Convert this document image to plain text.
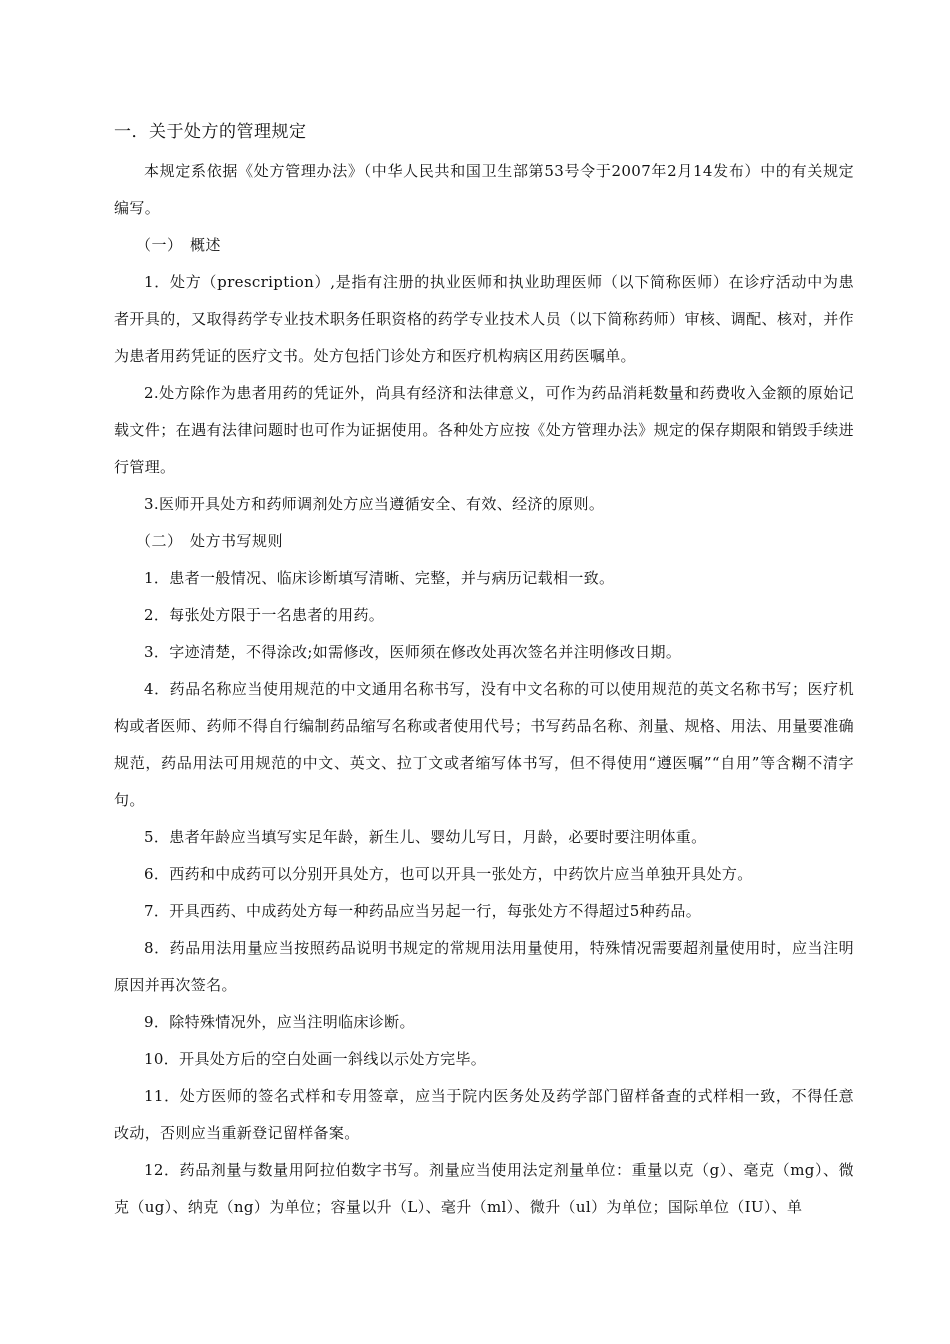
一．关于处方的管理规定

本规定系依据《处方管理办法》（中华人民共和国卫生部第53号令于2007年2月14发布）中的有关规定编写。

（一） 概述

1．处方（prescription）,是指有注册的执业医师和执业助理医师（以下简称医师）在诊疗活动中为患者开具的，又取得药学专业技术职务任职资格的药学专业技术人员（以下简称药师）审核、调配、核对，并作为患者用药凭证的医疗文书。处方包括门诊处方和医疗机构病区用药医嘱单。

2.处方除作为患者用药的凭证外，尚具有经济和法律意义，可作为药品消耗数量和药费收入金额的原始记载文件；在遇有法律问题时也可作为证据使用。各种处方应按《处方管理办法》规定的保存期限和销毁手续进行管理。

3.医师开具处方和药师调剂处方应当遵循安全、有效、经济的原则。

（二） 处方书写规则

1．患者一般情况、临床诊断填写清晰、完整，并与病历记载相一致。

2．每张处方限于一名患者的用药。

3．字迹清楚，不得涂改;如需修改，医师须在修改处再次签名并注明修改日期。

4．药品名称应当使用规范的中文通用名称书写，没有中文名称的可以使用规范的英文名称书写；医疗机构或者医师、药师不得自行编制药品缩写名称或者使用代号；书写药品名称、剂量、规格、用法、用量要准确规范，药品用法可用规范的中文、英文、拉丁文或者缩写体书写，但不得使用“遵医嘱”“自用”等含糊不清字句。

5．患者年龄应当填写实足年龄，新生儿、婴幼儿写日，月龄，必要时要注明体重。

6．西药和中成药可以分别开具处方，也可以开具一张处方，中药饮片应当单独开具处方。

7．开具西药、中成药处方每一种药品应当另起一行，每张处方不得超过5种药品。

8．药品用法用量应当按照药品说明书规定的常规用法用量使用，特殊情况需要超剂量使用时，应当注明原因并再次签名。

9．除特殊情况外，应当注明临床诊断。

10．开具处方后的空白处画一斜线以示处方完毕。

11．处方医师的签名式样和专用签章，应当于院内医务处及药学部门留样备查的式样相一致，不得任意改动，否则应当重新登记留样备案。

12．药品剂量与数量用阿拉伯数字书写。剂量应当使用法定剂量单位：重量以克（g）、毫克（mg）、微克（ug）、纳克（ng）为单位；容量以升（L）、毫升（ml）、微升（ul）为单位；国际单位（IU）、单
